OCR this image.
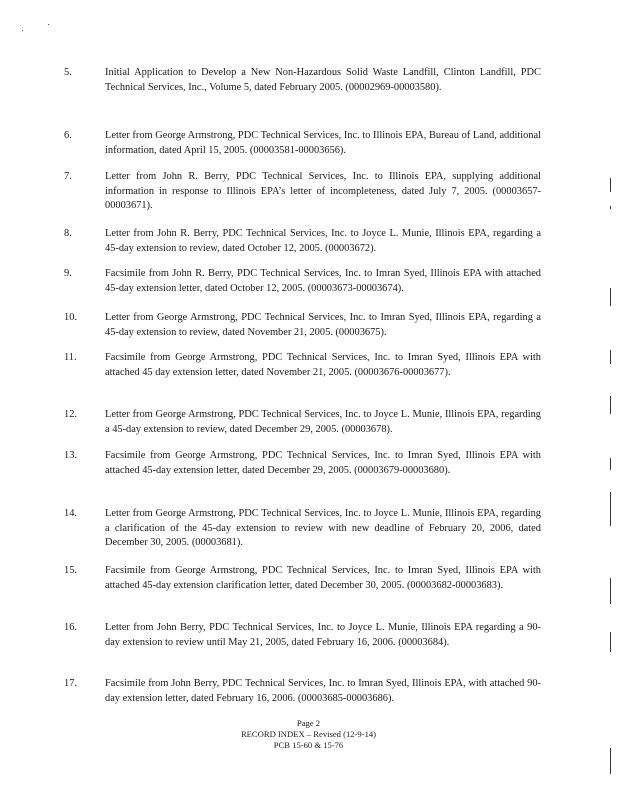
5.	Initial Application to Develop a New Non-Hazardous Solid Waste Landfill, Clinton Landfill, PDC Technical Services, Inc., Volume 5, dated February 2005. (00002969-00003580).
6.	Letter from George Armstrong, PDC Technical Services, Inc. to Illinois EPA, Bureau of Land, additional information, dated April 15, 2005. (00003581-00003656).
7.	Letter from John R. Berry, PDC Technical Services, Inc. to Illinois EPA, supplying additional information in response to Illinois EPA’s letter of incompleteness, dated July 7, 2005. (00003657-00003671).
8.	Letter from John R. Berry, PDC Technical Services, Inc. to Joyce L. Munie, Illinois EPA, regarding a 45-day extension to review, dated October 12, 2005. (00003672).
9.	Facsimile from John R. Berry, PDC Technical Services, Inc. to Imran Syed, Illinois EPA with attached 45-day extension letter, dated October 12, 2005. (00003673-00003674).
10.	Letter from George Armstrong, PDC Technical Services, Inc. to Imran Syed, Illinois EPA, regarding a 45-day extension to review, dated November 21, 2005. (00003675).
11.	Facsimile from George Armstrong, PDC Technical Services, Inc. to Imran Syed, Illinois EPA with attached 45 day extension letter, dated November 21, 2005. (00003676-00003677).
12.	Letter from George Armstrong, PDC Technical Services, Inc. to Joyce L. Munie, Illinois EPA, regarding a 45-day extension to review, dated December 29, 2005. (00003678).
13.	Facsimile from George Armstrong, PDC Technical Services, Inc. to Imran Syed, Illinois EPA with attached 45-day extension letter, dated December 29, 2005. (00003679-00003680).
14.	Letter from George Armstrong, PDC Technical Services, Inc. to Joyce L. Munie, Illinois EPA, regarding a clarification of the 45-day extension to review with new deadline of February 20, 2006, dated December 30, 2005. (00003681).
15.	Facsimile from George Armstrong, PDC Technical Services, Inc. to Imran Syed, Illinois EPA with attached 45-day extension clarification letter, dated December 30, 2005. (00003682-00003683).
16.	Letter from John Berry, PDC Technical Services, Inc. to Joyce L. Munie, Illinois EPA regarding a 90-day extension to review until May 21, 2005, dated February 16, 2006. (00003684).
17.	Facsimile from John Berry, PDC Technical Services, Inc. to Imran Syed, Illinois EPA, with attached 90-day extension letter, dated February 16, 2006. (00003685-00003686).
Page 2
RECORD INDEX – Revised (12-9-14)
PCB 15-60 & 15-76
